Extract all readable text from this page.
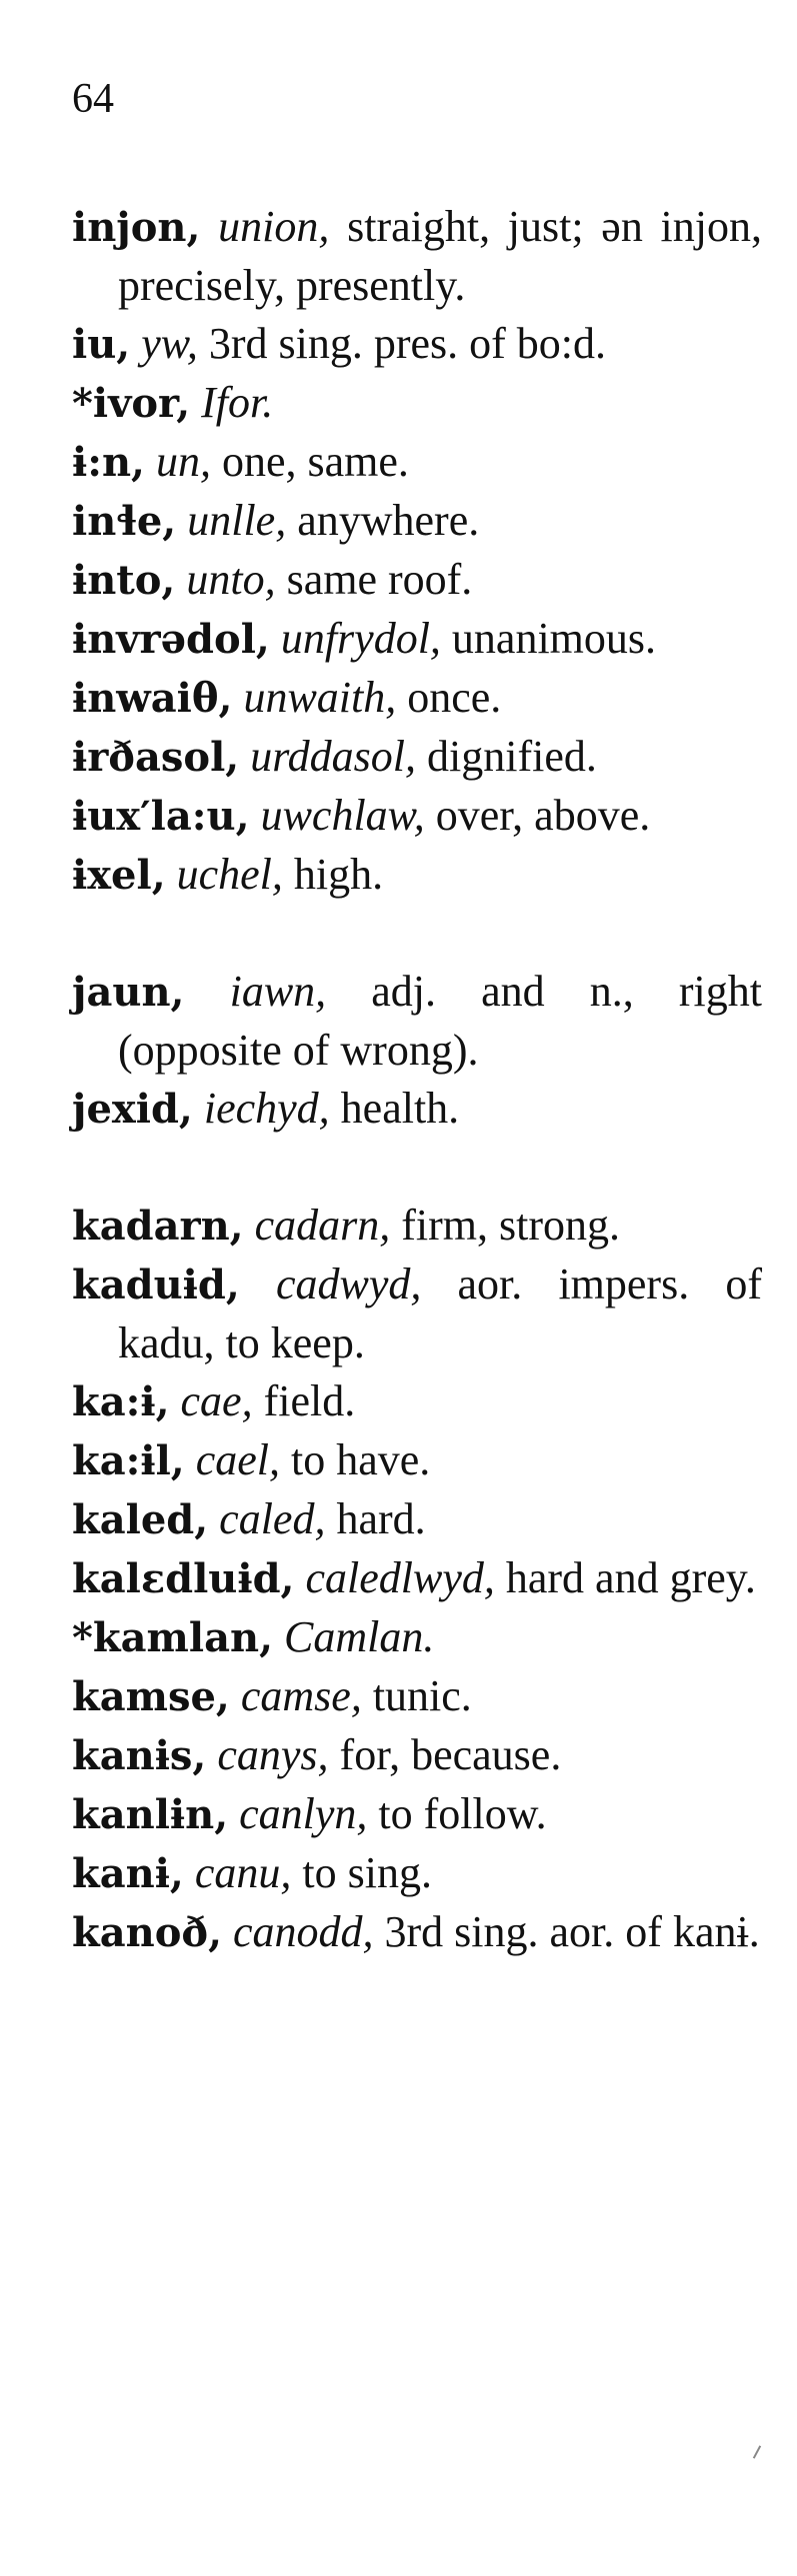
64

injon, union, straight, just; ən injon, precisely, presently.

iu, yw, 3rd sing. pres. of bo:d.

*ivor, Ifor.

ɨ:n, un, one, same.

inɬe, unlle, anywhere.

ɨnto, unto, same roof.

ɨnvrədol, unfrydol, unanimous.

ɨnwaiθ, unwaith, once.

ɨrðasol, urddasol, dignified.

ɨux′la:u, uwchlaw, over, above.

ɨxel, uchel, high.

jaun, iawn, adj. and n., right (opposite of wrong).

jexid, iechyd, health.

kadarn, cadarn, firm, strong.

kaduɨd, cadwyd, aor. impers. of kadu, to keep.

ka:ɨ, cae, field.

ka:ɨl, cael, to have.

kaled, caled, hard.

kalɛdluɨd, caledlwyd, hard and grey.

*kamlan, Camlan.

kamse, camse, tunic.

kanɨs, canys, for, because.

kanlɨn, canlyn, to follow.

kanɨ, canu, to sing.

kanoð, canodd, 3rd sing. aor. of kanɨ.
